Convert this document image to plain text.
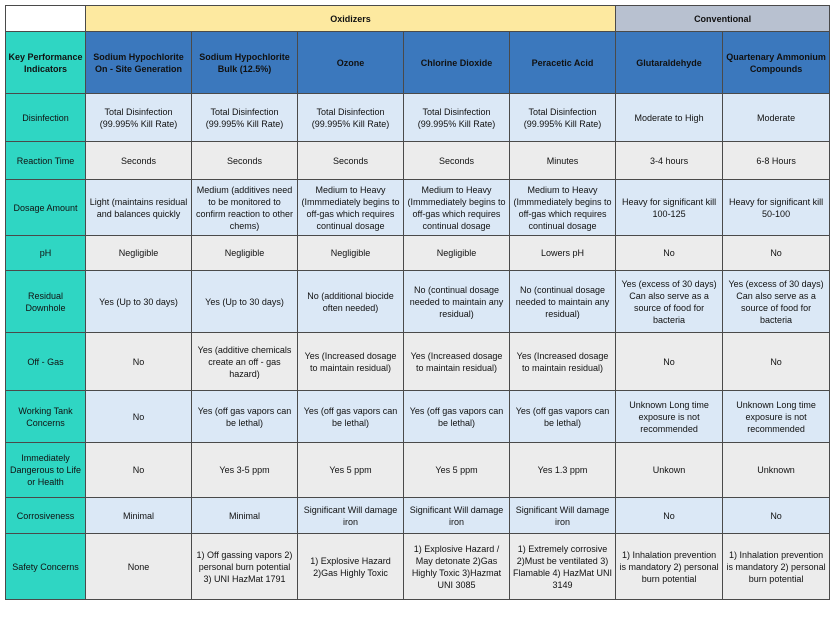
	Oxidizers					Conventional	
Key Performance Indicators	Sodium Hypochlorite On - Site Generation	Sodium Hypochlorite Bulk (12.5%)	Ozone	Chlorine Dioxide	Peracetic Acid	Glutaraldehyde	Quartenary Ammonium Compounds
Disinfection	Total Disinfection (99.995% Kill Rate)	Total Disinfection (99.995% Kill Rate)	Total Disinfection (99.995% Kill Rate)	Total Disinfection (99.995% Kill Rate)	Total Disinfection (99.995% Kill Rate)	Moderate to High	Moderate
Reaction Time	Seconds	Seconds	Seconds	Seconds	Minutes	3-4 hours	6-8 Hours
Dosage Amount	Light (maintains residual and balances quickly	Medium (additives need to be monitored to confirm reaction to other chems)	Medium to Heavy (Immmediately begins to off-gas which requires continual dosage	Medium to Heavy (Immmediately begins to off-gas which requires continual dosage	Medium to Heavy (Immmediately begins to off-gas which requires continual dosage	Heavy for significant kill 100-125	Heavy for significant kill 50-100
pH	Negligible	Negligible	Negligible	Negligible	Lowers pH	No	No
Residual Downhole	Yes (Up to 30 days)	Yes (Up to 30 days)	No (additional biocide often needed)	No (continual dosage needed to maintain any residual)	No (continual dosage needed to maintain any residual)	Yes (excess of 30 days) Can also serve as a source of food for bacteria	Yes (excess of 30 days) Can also serve as a source of food for bacteria
Off - Gas	No	Yes (additive chemicals create an off - gas hazard)	Yes (Increased dosage to maintain residual)	Yes (Increased dosage to maintain residual)	Yes (Increased dosage to maintain residual)	No	No
Working Tank Concerns	No	Yes (off gas vapors can be lethal)	Yes (off gas vapors can be lethal)	Yes (off gas vapors can be lethal)	Yes (off gas vapors can be lethal)	Unknown Long time exposure is not recommended	Unknown Long time exposure is not recommended
Immediately Dangerous to Life or Health	No	Yes 3-5 ppm	Yes 5 ppm	Yes 5 ppm	Yes 1.3 ppm	Unkown	Unknown
Corrosiveness	Minimal	Minimal	Significant Will damage iron	Significant Will damage iron	Significant Will damage iron	No	No
Safety Concerns	None	1) Off gassing vapors 2) personal burn potential 3) UNI HazMat 1791	1) Explosive Hazard 2)Gas Highly Toxic	1) Explosive Hazard / May detonate 2)Gas Highly Toxic 3)Hazmat UNI 3085	1) Extremely corrosive 2)Must be ventilated 3) Flamable 4) HazMat UNI 3149	1) Inhalation prevention is mandatory 2) personal burn potential	1) Inhalation prevention is mandatory 2) personal burn potential
